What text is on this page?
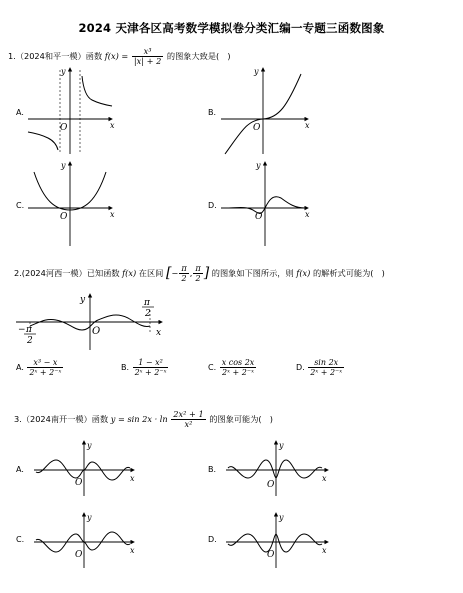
2024 天津各区高考数学模拟卷分类汇编一专题三函数图象
1.（2024和平一模）函数 $f(x) = \frac{\text{x³}}{|x| + 2}$ 的图象大致是(　)
A.	B.
C.	D.
y
x
O
y
x
O
y
x
O
y
x
O
2.(2024河西一模）已知函数 f(x) 在区间 [− $\frac{\pi}{2}$ , $\frac{\pi}{2}$ ] 的图象如下图所示，则 f(x) 的解析式可能为(　)
y
x
O
− π
2
π
2
A. $\frac{\text{x³ − x}}{\text{2ˣ + 2⁻ˣ}}$	B. $\frac{\text{1 − x²}}{\text{2ˣ + 2⁻ˣ}}$	C. $\frac{\text{x cos 2x}}{\text{2ˣ + 2⁻ˣ}}$	D. $\frac{\sin 2x}{\text{2ˣ + 2⁻ˣ}}$
3.（2024南开一模）函数 $y = \sin 2x \cdot \ln \frac{\text{2x² + 1}}{\text{x²}}$ 的图象可能为(　)
A.	B.
C.	D.
y
x
O
y
x
O
y
x
O
y
x
O
